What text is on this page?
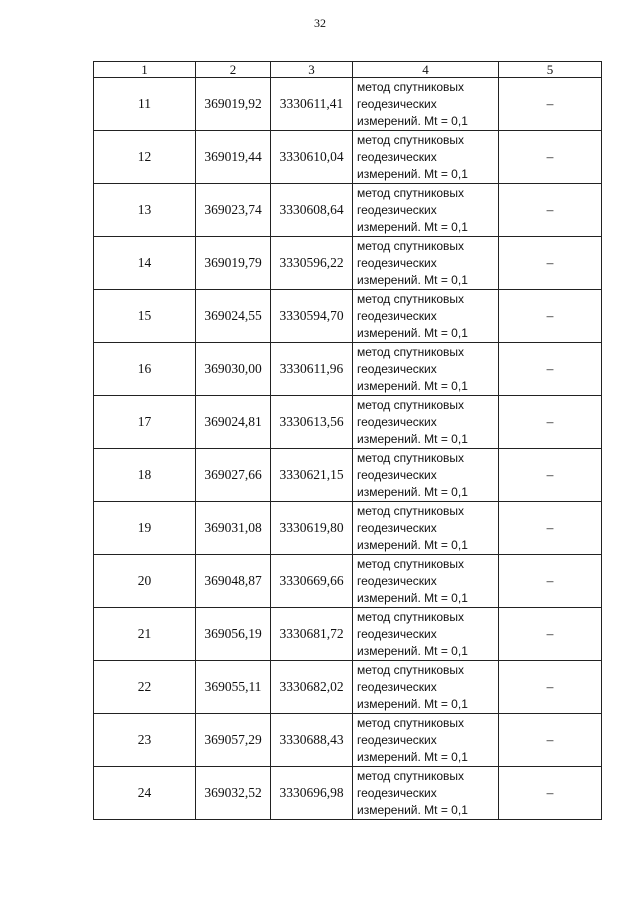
32
1	2	3	4	5
11	369019,92	3330611,41	метод спутниковых
геодезических
измерений. Mt = 0,1	–
12	369019,44	3330610,04	метод спутниковых
геодезических
измерений. Mt = 0,1	–
13	369023,74	3330608,64	метод спутниковых
геодезических
измерений. Mt = 0,1	–
14	369019,79	3330596,22	метод спутниковых
геодезических
измерений. Mt = 0,1	–
15	369024,55	3330594,70	метод спутниковых
геодезических
измерений. Mt = 0,1	–
16	369030,00	3330611,96	метод спутниковых
геодезических
измерений. Mt = 0,1	–
17	369024,81	3330613,56	метод спутниковых
геодезических
измерений. Mt = 0,1	–
18	369027,66	3330621,15	метод спутниковых
геодезических
измерений. Mt = 0,1	–
19	369031,08	3330619,80	метод спутниковых
геодезических
измерений. Mt = 0,1	–
20	369048,87	3330669,66	метод спутниковых
геодезических
измерений. Mt = 0,1	–
21	369056,19	3330681,72	метод спутниковых
геодезических
измерений. Mt = 0,1	–
22	369055,11	3330682,02	метод спутниковых
геодезических
измерений. Mt = 0,1	–
23	369057,29	3330688,43	метод спутниковых
геодезических
измерений. Mt = 0,1	–
24	369032,52	3330696,98	метод спутниковых
геодезических
измерений. Mt = 0,1	–
